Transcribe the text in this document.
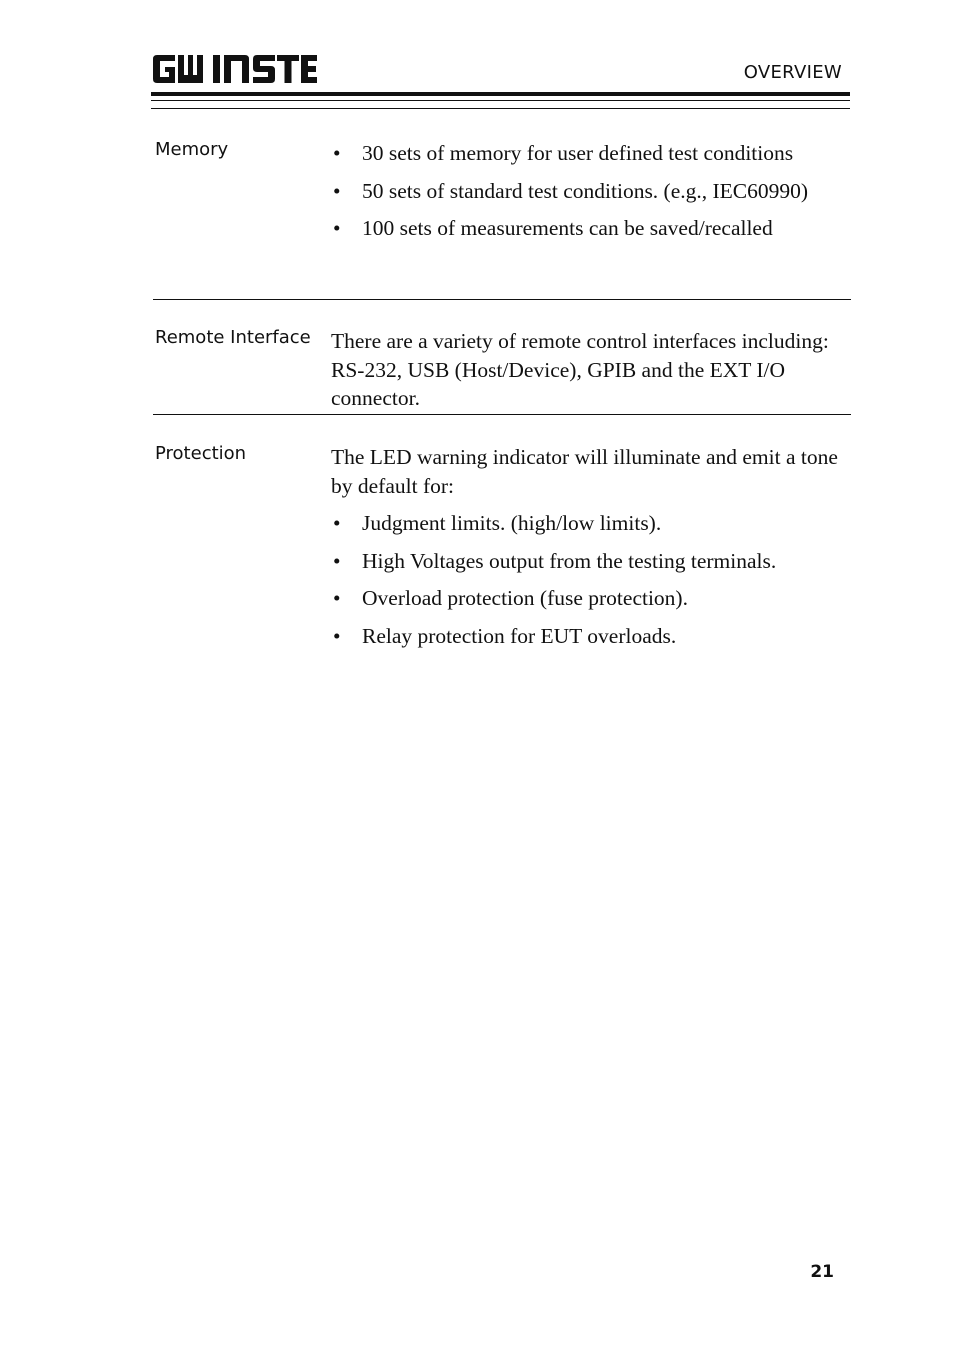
OVERVIEW
Memory	• 30 sets of memory for user defined test conditions
• 50 sets of standard test conditions. (e.g., IEC60990)
• 100 sets of measurements can be saved/recalled
Remote Interface There are a variety of remote control interfaces including: RS-232, USB (Host/Device), GPIB and the EXT I/O connector.

Protection	The LED warning indicator will illuminate and emit a tone by default for:

• Judgment limits. (high/low limits).
• High Voltages output from the testing terminals.
• Overload protection (fuse protection).
• Relay protection for EUT overloads.
21
